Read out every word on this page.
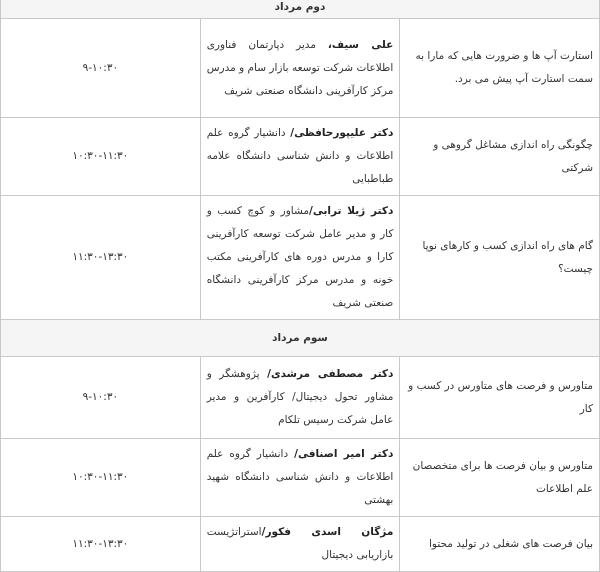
دوم مرداد		
استارت آپ ها و ضرورت هایی که مارا به سمت استارت آپ پیش می برد.	علی سیف، مدیر دپارتمان فناوری اطلاعات شرکت توسعه بازار سام و مدرس مرکز کارآفرینی دانشگاه صنعتی شریف	۹-۱۰:۳۰
چگونگی راه اندازی مشاغل گروهی و شرکتی	دکتر علیپورحافظی/ دانشیار گروه علم اطلاعات و دانش شناسی دانشگاه علامه طباطبایی	۱۰:۳۰-۱۱:۳۰
گام های راه اندازی کسب و کارهای نوپا چیست؟	دکتر ژیلا ترابی/مشاور و کوچ کسب و کار و مدیر عامل شرکت توسعه کارآفرینی کارا و مدرس دوره های کارآفرینی مکتب خونه و مدرس مرکز کارآفرینی دانشگاه صنعتی شریف	۱۱:۳۰-۱۳:۳۰
سوم مرداد		
متاورس و فرصت های متاورس در کسب و کار	دکتر مصطفی مرشدی/ پژوهشگر و مشاور تحول دیجیتال/ کارآفرین و مدیر عامل شرکت رسیس تلکام	۹-۱۰:۳۰
متاورس و بیان فرصت ها برای متخصصان علم اطلاعات	دکتر امیر اصنافی/ دانشیار گروه علم اطلاعات و دانش شناسی دانشگاه شهید بهشتی	۱۰:۳۰-۱۱:۳۰
بیان فرصت های شغلی در تولید محتوا	مژگان اسدی فکور/استراتژیست بازاریابی دیجیتال	۱۱:۳۰-۱۳:۳۰
